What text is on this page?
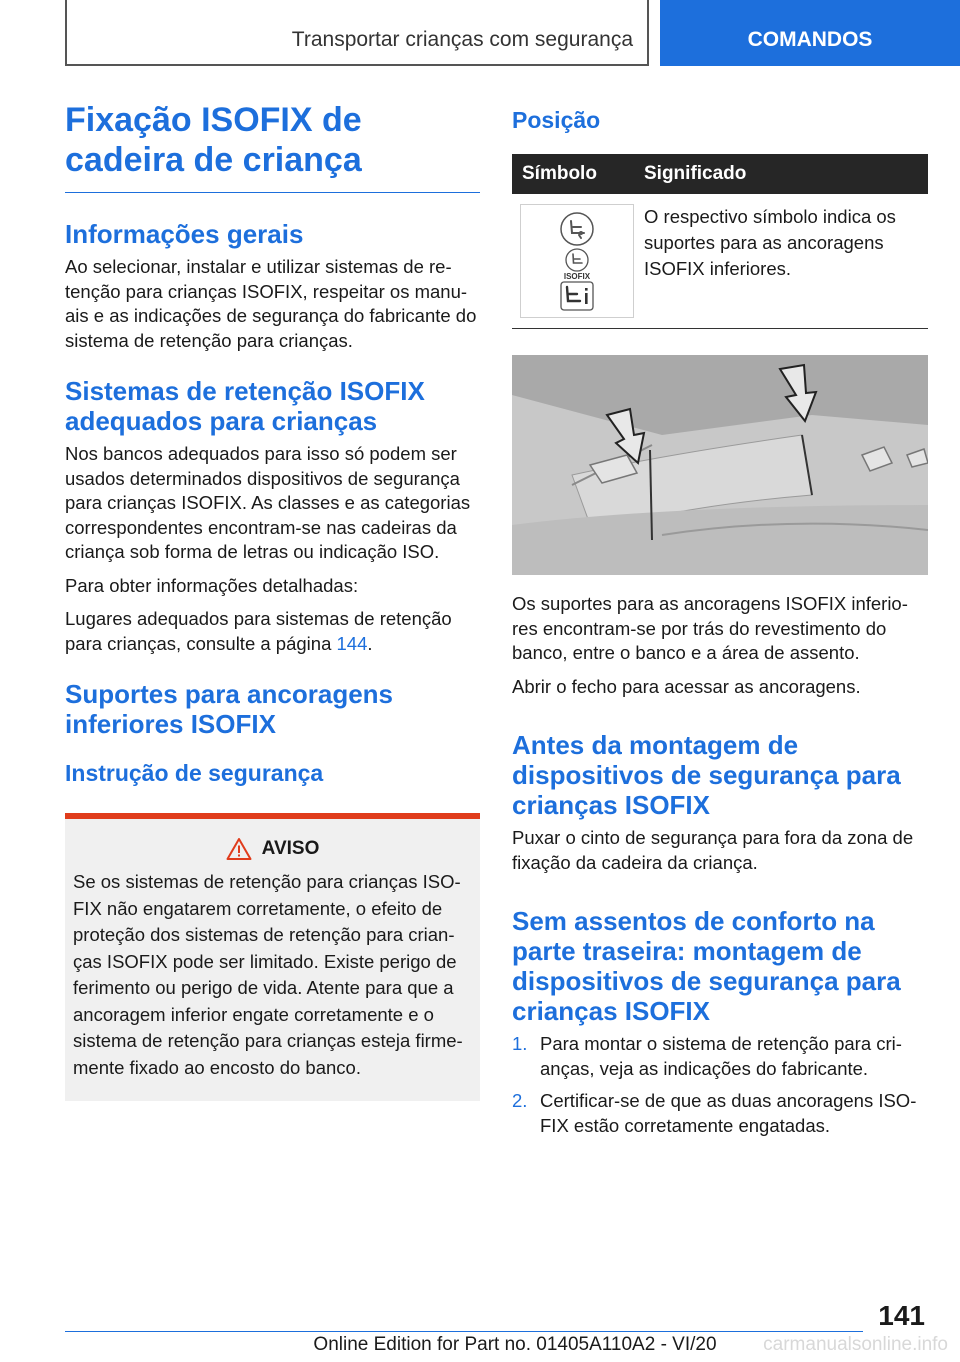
Transportar crianças com segurança	COMANDOS
Fixação ISOFIX de cadeira de criança
Informações gerais

Ao selecionar, instalar e utilizar sistemas de re-tenção para crianças ISOFIX, respeitar os manu-ais e as indicações de segurança do fabricante do sistema de retenção para crianças.

Sistemas de retenção ISOFIX adequados para crianças

Nos bancos adequados para isso só podem ser usados determinados dispositivos de segurança para crianças ISOFIX. As classes e as categorias correspondentes encontram-se nas cadeiras da criança sob forma de letras ou indicação ISO.

Para obter informações detalhadas:

Lugares adequados para sistemas de retenção para crianças, consulte a página 144.

Suportes para ancoragens inferiores ISOFIX
Instrução de segurança
AVISO

Se os sistemas de retenção para crianças ISO-FIX não engatarem corretamente, o efeito de proteção dos sistemas de retenção para crian-ças ISOFIX pode ser limitado. Existe perigo de ferimento ou perigo de vida. Atente para que a ancoragem inferior engate corretamente e o sistema de retenção para crianças esteja firme-mente fixado ao encosto do banco.

Posição
Símbolo	Significado

ISOFIX	O respectivo símbolo indica os suportes para as ancoragens ISOFIX inferiores.

Os suportes para as ancoragens ISOFIX inferio-res encontram-se por trás do revestimento do banco, entre o banco e a área de assento.

Abrir o fecho para acessar as ancoragens.

Antes da montagem de dispositivos de segurança para crianças ISOFIX

Puxar o cinto de segurança para fora da zona de fixação da cadeira da criança.

Sem assentos de conforto na parte traseira: montagem de dispositivos de segurança para crianças ISOFIX
1. Para montar o sistema de retenção para cri-anças, veja as indicações do fabricante.
2. Certificar-se de que as duas ancoragens ISO-FIX estão corretamente engatadas.
141
Online Edition for Part no. 01405A110A2 - VI/20	carmanualsonline.info
